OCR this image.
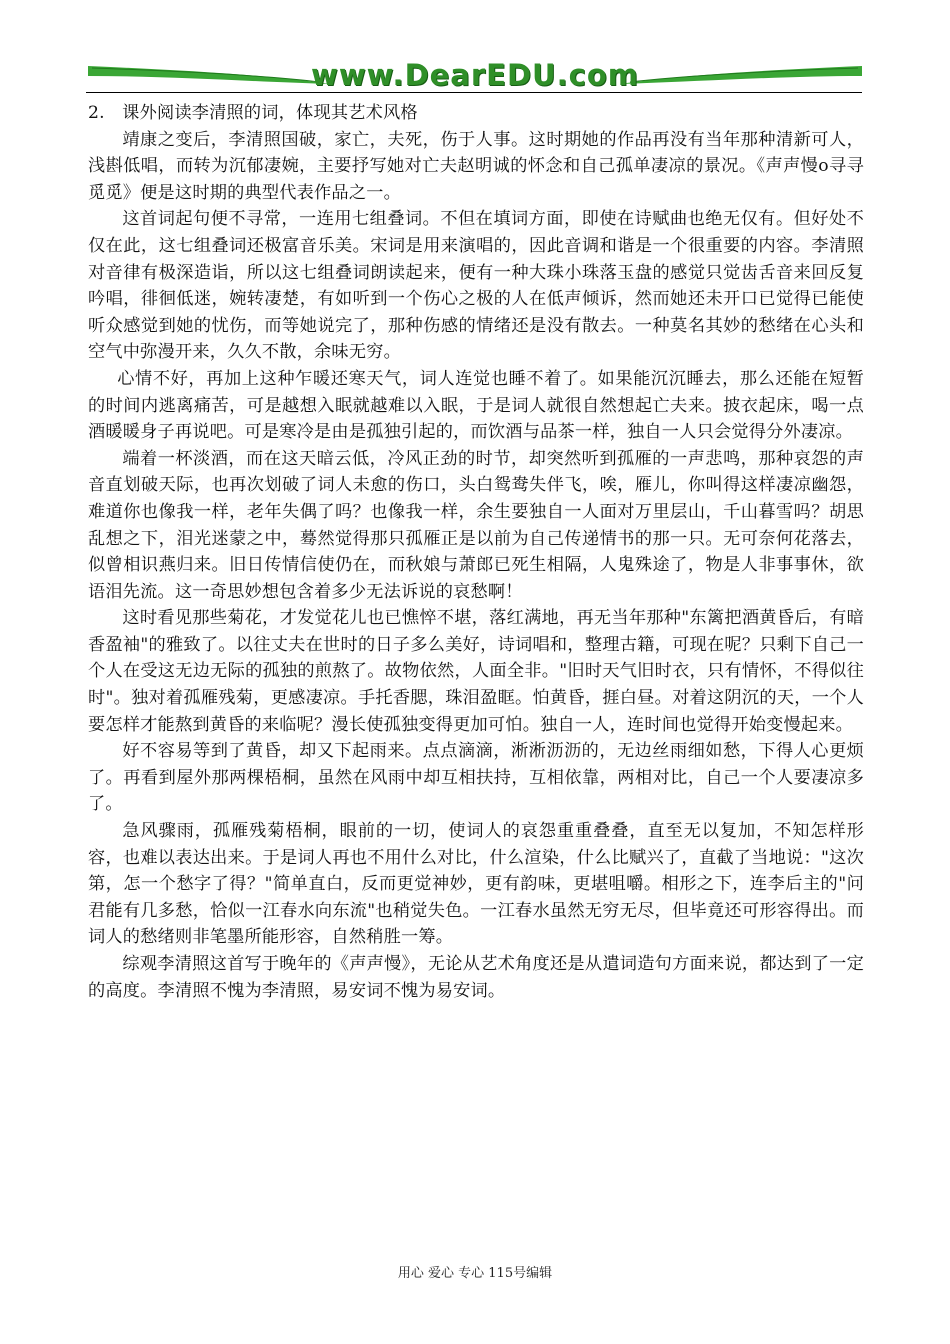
www.DearEDU.com

2.　课外阅读李清照的词，体现其艺术风格

靖康之变后，李清照国破，家亡，夫死，伤于人事。这时期她的作品再没有当年那种清新可人，浅斟低唱，而转为沉郁凄婉，主要抒写她对亡夫赵明诚的怀念和自己孤单凄凉的景况。《声声慢ο寻寻觅觅》便是这时期的典型代表作品之一。

这首词起句便不寻常，一连用七组叠词。不但在填词方面，即使在诗赋曲也绝无仅有。但好处不仅在此，这七组叠词还极富音乐美。宋词是用来演唱的，因此音调和谐是一个很重要的内容。李清照对音律有极深造诣，所以这七组叠词朗读起来，便有一种大珠小珠落玉盘的感觉只觉齿舌音来回反复吟唱，徘徊低迷，婉转凄楚，有如听到一个伤心之极的人在低声倾诉，然而她还未开口已觉得已能使听众感觉到她的忧伤，而等她说完了，那种伤感的情绪还是没有散去。一种莫名其妙的愁绪在心头和空气中弥漫开来，久久不散，余味无穷。

心情不好，再加上这种乍暖还寒天气，词人连觉也睡不着了。如果能沉沉睡去，那么还能在短暂的时间内逃离痛苦，可是越想入眠就越难以入眠，于是词人就很自然想起亡夫来。披衣起床，喝一点酒暖暖身子再说吧。可是寒冷是由是孤独引起的，而饮酒与品茶一样，独自一人只会觉得分外凄凉。

端着一杯淡酒，而在这天暗云低，冷风正劲的时节，却突然听到孤雁的一声悲鸣，那种哀怨的声音直划破天际，也再次划破了词人未愈的伤口，头白鸳鸯失伴飞，唉，雁儿，你叫得这样凄凉幽怨，难道你也像我一样，老年失偶了吗？也像我一样，余生要独自一人面对万里层山，千山暮雪吗？胡思乱想之下，泪光迷蒙之中，蓦然觉得那只孤雁正是以前为自己传递情书的那一只。无可奈何花落去，似曾相识燕归来。旧日传情信使仍在，而秋娘与萧郎已死生相隔，人鬼殊途了，物是人非事事休，欲语泪先流。这一奇思妙想包含着多少无法诉说的哀愁啊！

这时看见那些菊花，才发觉花儿也已憔悴不堪，落红满地，再无当年那种"东篱把酒黄昏后，有暗香盈袖"的雅致了。以往丈夫在世时的日子多么美好，诗词唱和，整理古籍，可现在呢？只剩下自己一个人在受这无边无际的孤独的煎熬了。故物依然，人面全非。"旧时天气旧时衣，只有情怀，不得似往时"。独对着孤雁残菊，更感凄凉。手托香腮，珠泪盈眶。怕黄昏，捱白昼。对着这阴沉的天，一个人要怎样才能熬到黄昏的来临呢？漫长使孤独变得更加可怕。独自一人，连时间也觉得开始变慢起来。

好不容易等到了黄昏，却又下起雨来。点点滴滴，淅淅沥沥的，无边丝雨细如愁，下得人心更烦了。再看到屋外那两棵梧桐，虽然在风雨中却互相扶持，互相依靠，两相对比，自己一个人要凄凉多了。

急风骤雨，孤雁残菊梧桐，眼前的一切，使词人的哀怨重重叠叠，直至无以复加，不知怎样形容，也难以表达出来。于是词人再也不用什么对比，什么渲染，什么比赋兴了，直截了当地说："这次第，怎一个愁字了得？"简单直白，反而更觉神妙，更有韵味，更堪咀嚼。相形之下，连李后主的"问君能有几多愁，恰似一江春水向东流"也稍觉失色。一江春水虽然无穷无尽，但毕竟还可形容得出。而词人的愁绪则非笔墨所能形容，自然稍胜一筹。

综观李清照这首写于晚年的《声声慢》，无论从艺术角度还是从遣词造句方面来说，都达到了一定的高度。李清照不愧为李清照，易安词不愧为易安词。

用心 爱心 专心 115号编辑
